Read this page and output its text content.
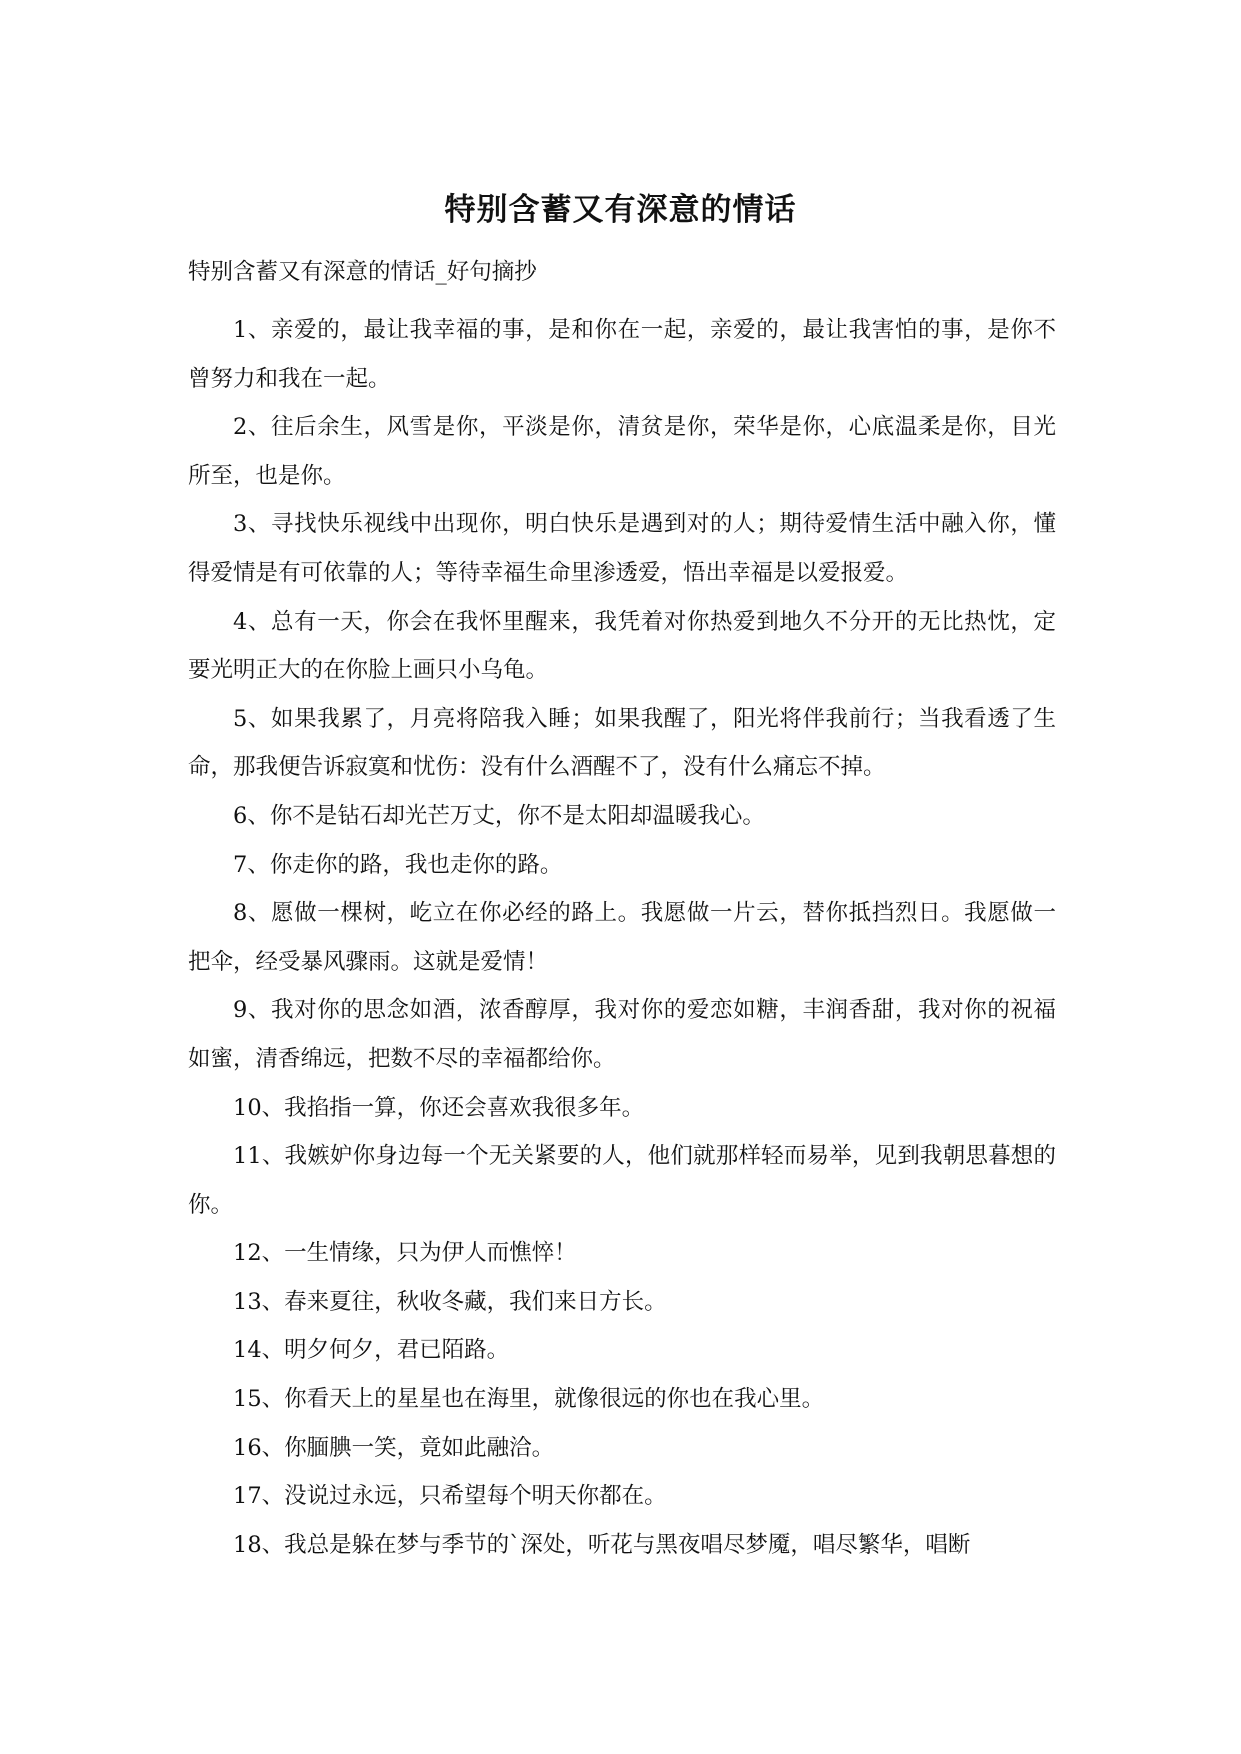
特别含蓄又有深意的情话
特别含蓄又有深意的情话_好句摘抄

1、亲爱的，最让我幸福的事，是和你在一起，亲爱的，最让我害怕的事，是你不曾努力和我在一起。

2、往后余生，风雪是你，平淡是你，清贫是你，荣华是你，心底温柔是你，目光所至，也是你。

3、寻找快乐视线中出现你，明白快乐是遇到对的人；期待爱情生活中融入你，懂得爱情是有可依靠的人；等待幸福生命里渗透爱，悟出幸福是以爱报爱。

4、总有一天，你会在我怀里醒来，我凭着对你热爱到地久不分开的无比热忱，定要光明正大的在你脸上画只小乌龟。

5、如果我累了，月亮将陪我入睡；如果我醒了，阳光将伴我前行；当我看透了生命，那我便告诉寂寞和忧伤：没有什么酒醒不了，没有什么痛忘不掉。

6、你不是钻石却光芒万丈，你不是太阳却温暖我心。

7、你走你的路，我也走你的路。

8、愿做一棵树，屹立在你必经的路上。我愿做一片云，替你抵挡烈日。我愿做一把伞，经受暴风骤雨。这就是爱情！

9、我对你的思念如酒，浓香醇厚，我对你的爱恋如糖，丰润香甜，我对你的祝福如蜜，清香绵远，把数不尽的幸福都给你。

10、我掐指一算，你还会喜欢我很多年。

11、我嫉妒你身边每一个无关紧要的人，他们就那样轻而易举，见到我朝思暮想的你。

12、一生情缘，只为伊人而憔悴！

13、春来夏往，秋收冬藏，我们来日方长。

14、明夕何夕，君已陌路。

15、你看天上的星星也在海里，就像很远的你也在我心里。

16、你腼腆一笑，竟如此融洽。

17、没说过永远，只希望每个明天你都在。

18、我总是躲在梦与季节的`深处，听花与黑夜唱尽梦魇，唱尽繁华，唱断
